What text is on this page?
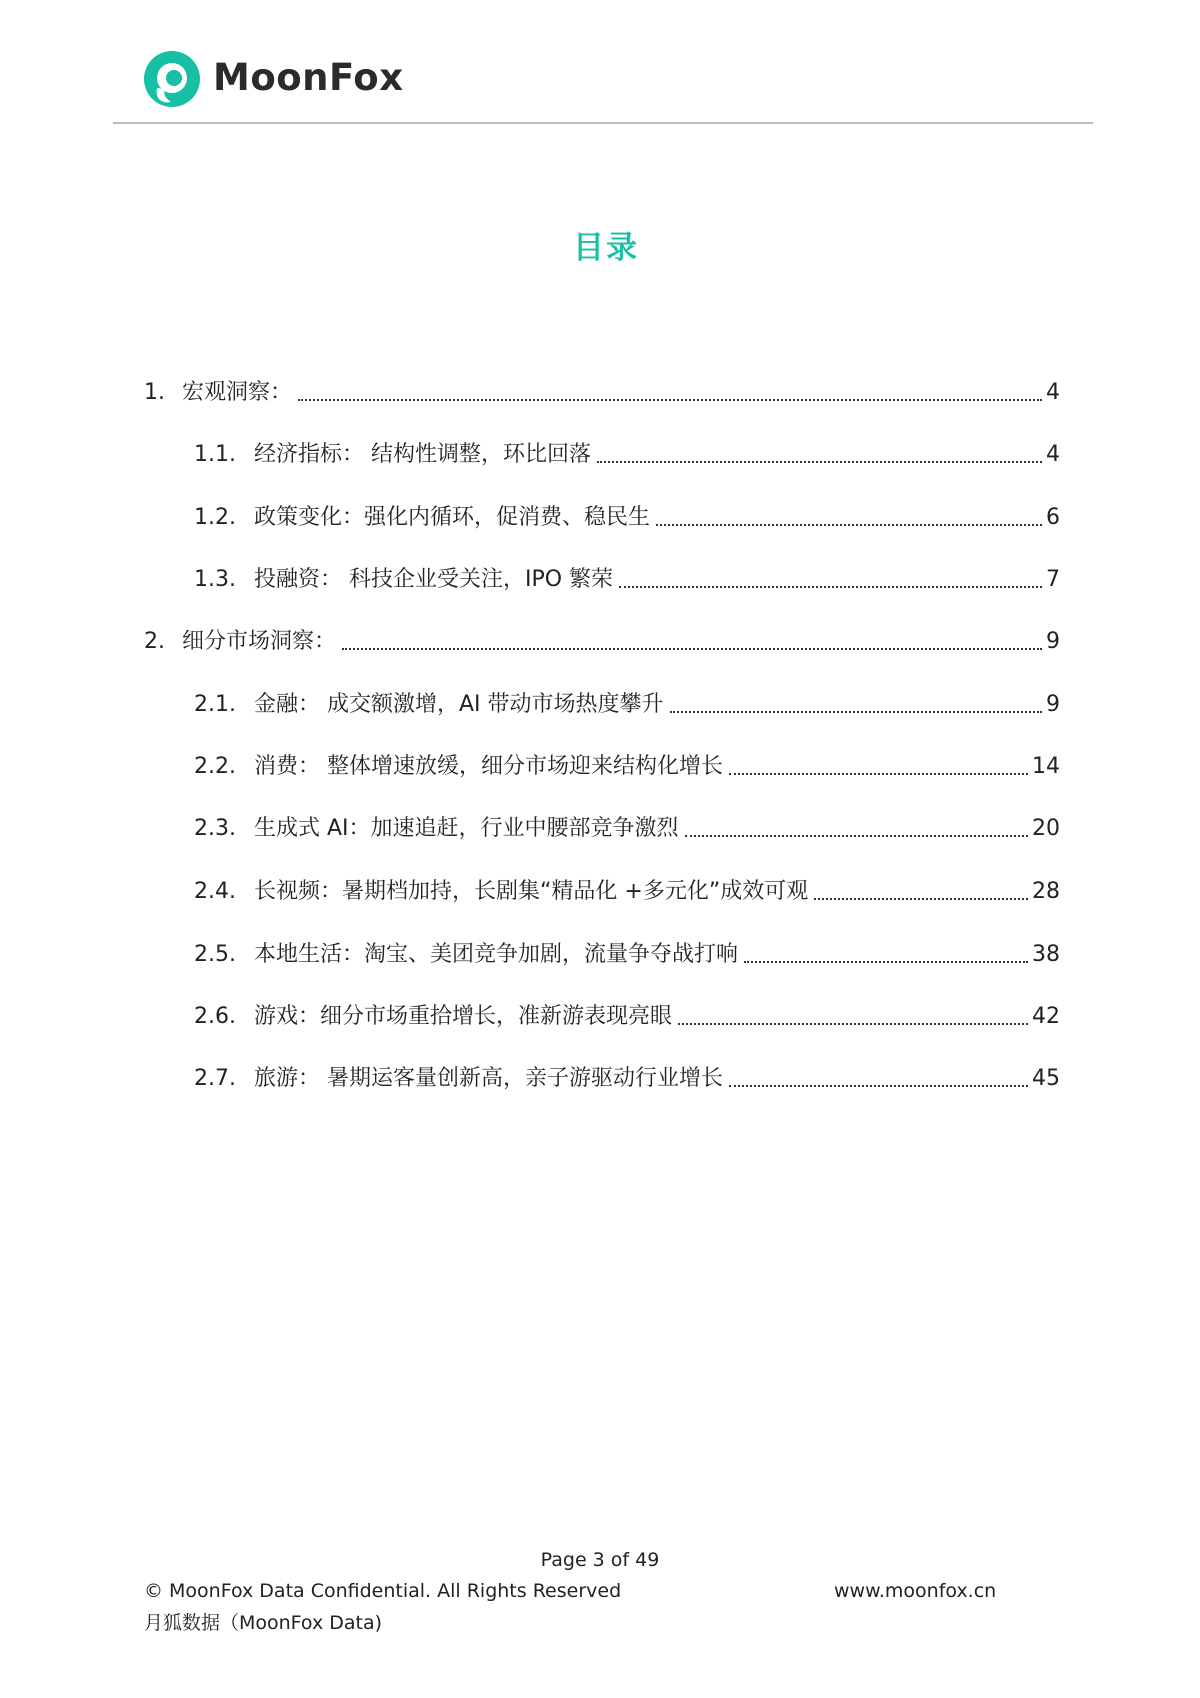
MoonFox
目录
1. 宏观洞察：	4
1.1. 经济指标： 结构性调整，环比回落	4
1.2. 政策变化：强化内循环，促消费、稳民生	6
1.3. 投融资： 科技企业受关注，IPO 繁荣	7
2. 细分市场洞察：	9
2.1. 金融： 成交额激增，AI 带动市场热度攀升	9
2.2. 消费： 整体增速放缓，细分市场迎来结构化增长	14
2.3. 生成式 AI：加速追赶，行业中腰部竞争激烈	20
2.4. 长视频：暑期档加持，长剧集“精品化 +多元化”成效可观	28
2.5. 本地生活：淘宝、美团竞争加剧，流量争夺战打响	38
2.6. 游戏：细分市场重拾增长，准新游表现亮眼	42
2.7. 旅游： 暑期运客量创新高，亲子游驱动行业增长	45
Page 3 of 49
© MoonFox Data Confidential. All Rights Reserved	www.moonfox.cn
月狐数据（MoonFox Data)
